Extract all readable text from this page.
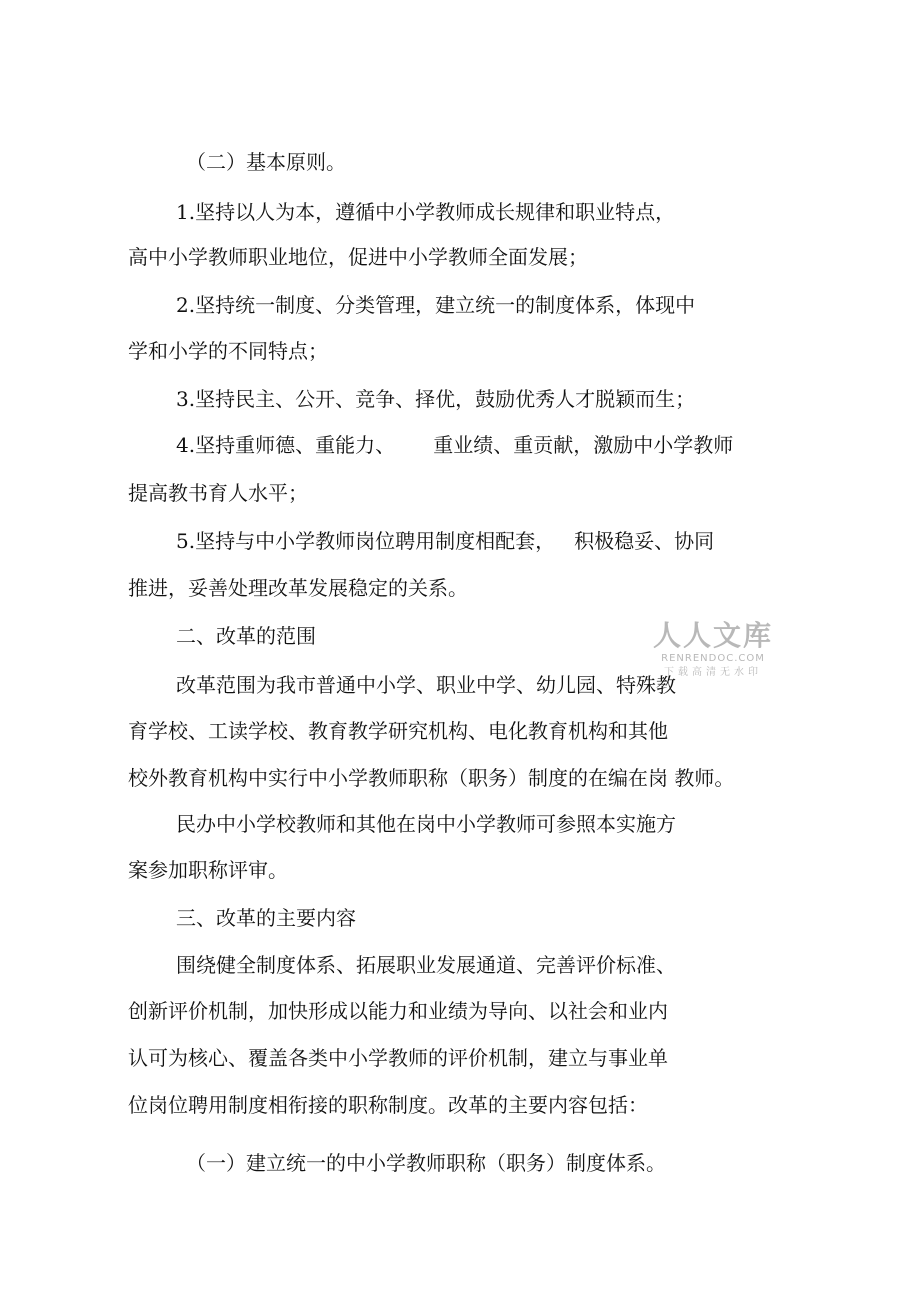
（二）基本原则。
1.坚持以人为本，遵循中小学教师成长规律和职业特点，
高中小学教师职业地位，促进中小学教师全面发展；
2.坚持统一制度、分类管理，建立统一的制度体系，体现中
学和小学的不同特点；
3.坚持民主、公开、竞争、择优，鼓励优秀人才脱颖而生；
4.坚持重师德、重能力、      重业绩、重贡献，激励中小学教师
提高教书育人水平；
5.坚持与中小学教师岗位聘用制度相配套，   积极稳妥、协同
推进，妥善处理改革发展稳定的关系。
二、改革的范围
改革范围为我市普通中小学、职业中学、幼儿园、特殊教
育学校、工读学校、教育教学研究机构、电化教育机构和其他
校外教育机构中实行中小学教师职称（职务）制度的在编在岗 教师。
民办中小学校教师和其他在岗中小学教师可参照本实施方
案参加职称评审。
三、改革的主要内容
围绕健全制度体系、拓展职业发展通道、完善评价标准、
创新评价机制，加快形成以能力和业绩为导向、以社会和业内
认可为核心、覆盖各类中小学教师的评价机制，建立与事业单
位岗位聘用制度相衔接的职称制度。改革的主要内容包括：
（一）建立统一的中小学教师职称（职务）制度体系。
人人文库
RENRENDOC.COM
下载高清无水印
